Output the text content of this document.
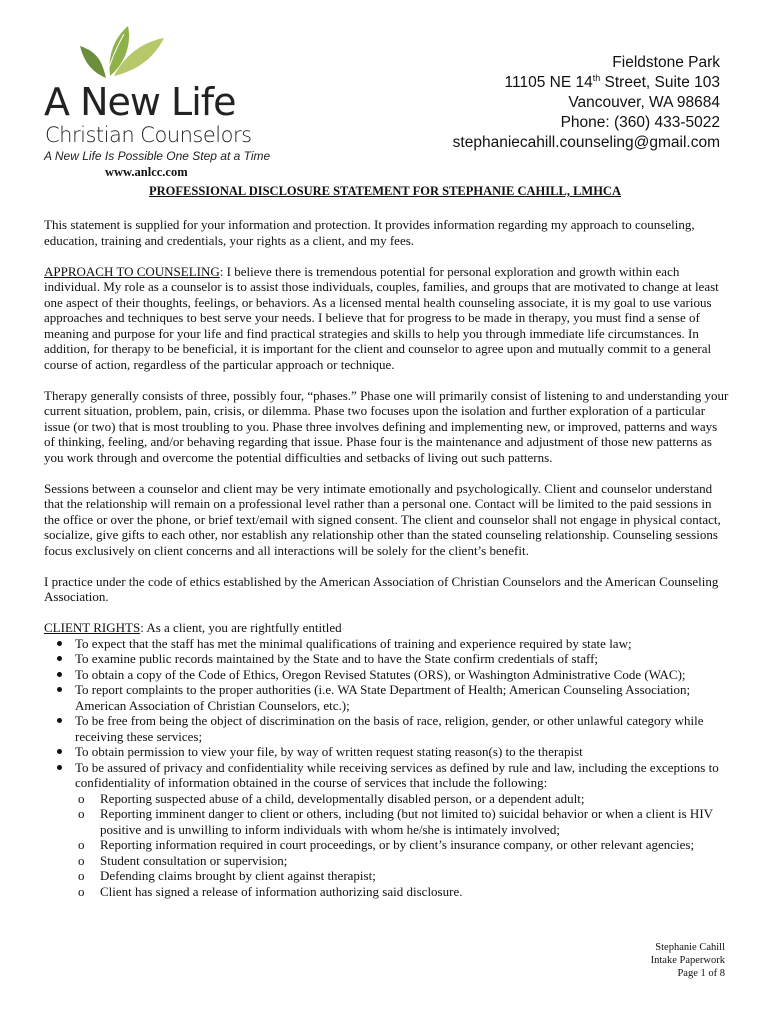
A New Life
Christian Counselors
A New Life Is Possible One Step at a Time
www.anlcc.com
Fieldstone Park
11105 NE 14th Street, Suite 103
Vancouver, WA 98684
Phone: (360) 433-5022
stephaniecahill.counseling@gmail.com
PROFESSIONAL DISCLOSURE STATEMENT FOR STEPHANIE CAHILL, LMHCA

This statement is supplied for your information and protection. It provides information regarding my approach to counseling, education, training and credentials, your rights as a client, and my fees.

APPROACH TO COUNSELING: I believe there is tremendous potential for personal exploration and growth within each individual. My role as a counselor is to assist those individuals, couples, families, and groups that are motivated to change at least one aspect of their thoughts, feelings, or behaviors. As a licensed mental health counseling associate, it is my goal to use various approaches and techniques to best serve your needs. I believe that for progress to be made in therapy, you must find a sense of meaning and purpose for your life and find practical strategies and skills to help you through immediate life circumstances. In addition, for therapy to be beneficial, it is important for the client and counselor to agree upon and mutually commit to a general course of action, regardless of the particular approach or technique.

Therapy generally consists of three, possibly four, “phases.” Phase one will primarily consist of listening to and understanding your current situation, problem, pain, crisis, or dilemma. Phase two focuses upon the isolation and further exploration of a particular issue (or two) that is most troubling to you. Phase three involves defining and implementing new, or improved, patterns and ways of thinking, feeling, and/or behaving regarding that issue. Phase four is the maintenance and adjustment of those new patterns as you work through and overcome the potential difficulties and setbacks of living out such patterns.

Sessions between a counselor and client may be very intimate emotionally and psychologically. Client and counselor understand that the relationship will remain on a professional level rather than a personal one. Contact will be limited to the paid sessions in the office or over the phone, or brief text/email with signed consent. The client and counselor shall not engage in physical contact, socialize, give gifts to each other, nor establish any relationship other than the stated counseling relationship. Counseling sessions focus exclusively on client concerns and all interactions will be solely for the client’s benefit.

I practice under the code of ethics established by the American Association of Christian Counselors and the American Counseling Association.

CLIENT RIGHTS: As a client, you are rightfully entitled
To expect that the staff has met the minimal qualifications of training and experience required by state law;
To examine public records maintained by the State and to have the State confirm credentials of staff;
To obtain a copy of the Code of Ethics, Oregon Revised Statutes (ORS), or Washington Administrative Code (WAC);
To report complaints to the proper authorities (i.e. WA State Department of Health; American Counseling Association; American Association of Christian Counselors, etc.);
To be free from being the object of discrimination on the basis of race, religion, gender, or other unlawful category while receiving these services;
To obtain permission to view your file, by way of written request stating reason(s) to the therapist
To be assured of privacy and confidentiality while receiving services as defined by rule and law, including the exceptions to confidentiality of information obtained in the course of services that include the following:
o Reporting suspected abuse of a child, developmentally disabled person, or a dependent adult;
o Reporting imminent danger to client or others, including (but not limited to) suicidal behavior or when a client is HIV positive and is unwilling to inform individuals with whom he/she is intimately involved;
o Reporting information required in court proceedings, or by client’s insurance company, or other relevant agencies;
o Student consultation or supervision;
o Defending claims brought by client against therapist;
o Client has signed a release of information authorizing said disclosure.
Stephanie Cahill
Intake Paperwork
Page 1 of 8
